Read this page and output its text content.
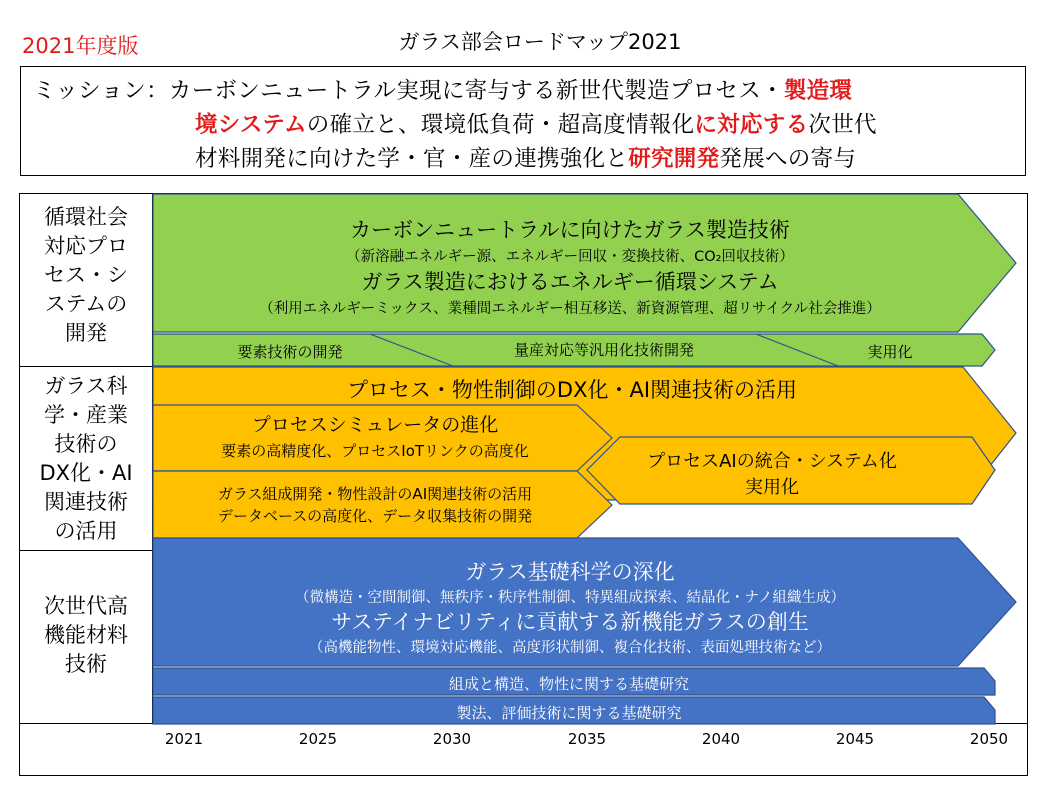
2021年度版	ガラス部会ロードマップ2021
ミッション：カーボンニュートラル実現に寄与する新世代製造プロセス・製造環
境システムの確立と、環境低負荷・超高度情報化に対応する次世代
材料開発に向けた学・官・産の連携強化と研究開発発展への寄与
循環社会
対応プロ
セス・シ
ステムの
開発
ガラス科
学・産業
技術の
DX化・AI
関連技術
の活用
次世代高
機能材料
技術
カーボンニュートラルに向けたガラス製造技術
（新溶融エネルギー源、エネルギー回収・変換技術、CO₂回収技術）
ガラス製造におけるエネルギー循環システム
（利用エネルギーミックス、業種間エネルギー相互移送、新資源管理、超リサイクル社会推進）
要素技術の開発	量産対応等汎用化技術開発	実用化
プロセス・物性制御のDX化・AI関連技術の活用
プロセスシミュレータの進化
要素の高精度化、プロセスIoTリンクの高度化
ガラス組成開発・物性設計のAI関連技術の活用
データベースの高度化、データ収集技術の開発
プロセスAIの統合・システム化
実用化
ガラス基礎科学の深化
（微構造・空間制御、無秩序・秩序性制御、特異組成探索、結晶化・ナノ組織生成）
サステイナビリティに貢献する新機能ガラスの創生
（高機能物性、環境対応機能、高度形状制御、複合化技術、表面処理技術など）
組成と構造、物性に関する基礎研究
製法、評価技術に関する基礎研究
2021	2025	2030	2035	2040	2045	2050
